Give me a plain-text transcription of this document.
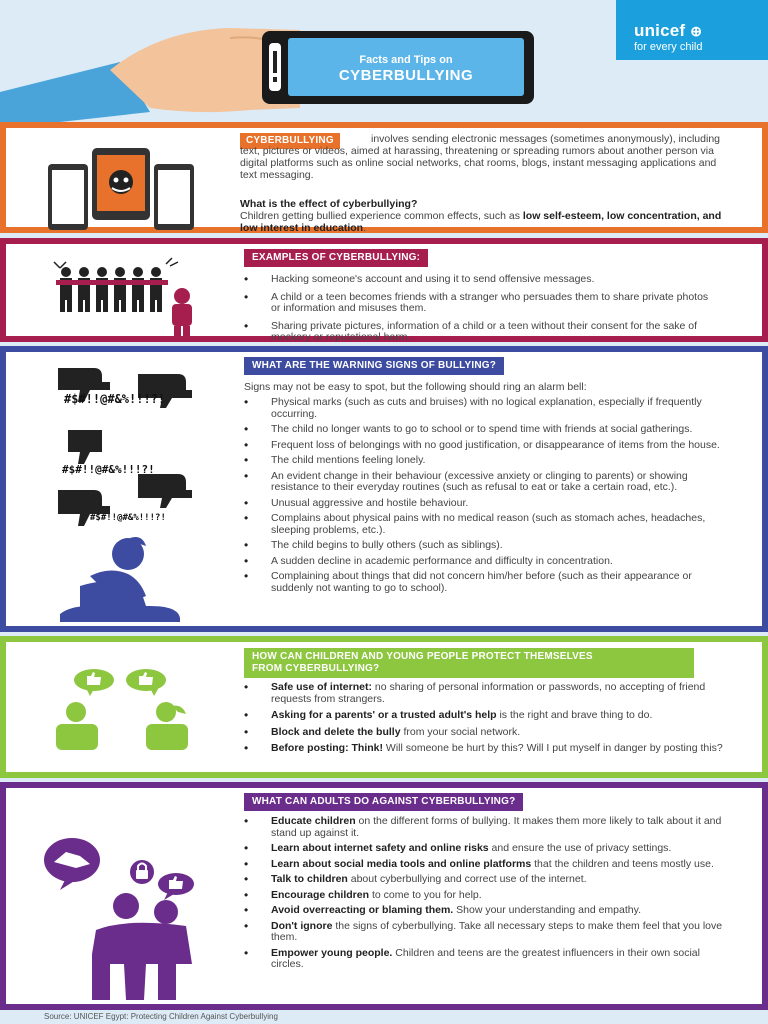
Facts and Tips on
CYBERBULLYING
unicef ⊕
for every child
CYBERBULLYING	involves sending electronic messages (sometimes anonymously), including text, pictures or videos, aimed at harassing, threatening or spreading rumors about another person via digital platforms such as online social networks, chat rooms, blogs, instant messaging applications and text messaging.
What is the effect of cyberbullying?
Children getting bullied experience common effects, such as low self-esteem, low concentration, and low interest in education.
EXAMPLES OF CYBERBULLYING:
• Hacking someone's account and using it to send offensive messages.
• A child or a teen becomes friends with a stranger who persuades them to share private photos or information and misuses them.
• Sharing private pictures, information of a child or a teen without their consent for the sake of mockery or reputational harm.
#$#!!@#&%!!!?!
#$#!!@#&%!!!?!
#$#!!@#&%!!!?!
WHAT ARE THE WARNING SIGNS OF BULLYING?
Signs may not be easy to spot, but the following should ring an alarm bell:
• Physical marks (such as cuts and bruises) with no logical explanation, especially if frequently occurring.
• The child no longer wants to go to school or to spend time with friends at social gatherings.
• Frequent loss of belongings with no good justification, or disappearance of items from the house.
• The child mentions feeling lonely.
• An evident change in their behaviour (excessive anxiety or clinging to parents) or showing resistance to their everyday routines (such as refusal to eat or take a certain road, etc.).
• Unusual aggressive and hostile behaviour.
• Complains about physical pains with no medical reason (such as stomach aches, headaches, sleeping problems, etc.).
• The child begins to bully others (such as siblings).
• A sudden decline in academic performance and difficulty in concentration.
• Complaining about things that did not concern him/her before (such as their appearance or suddenly not wanting to go to school).
HOW CAN CHILDREN AND YOUNG PEOPLE PROTECT THEMSELVES
FROM CYBERBULLYING?
• Safe use of internet: no sharing of personal information or passwords, no accepting of friend requests from strangers.
• Asking for a parents' or a trusted adult's help is the right and brave thing to do.
• Block and delete the bully from your social network.
• Before posting: Think! Will someone be hurt by this? Will I put myself in danger by posting this?
WHAT CAN ADULTS DO AGAINST CYBERBULLYING?
• Educate children on the different forms of bullying. It makes them more likely to talk about it and stand up against it.
• Learn about internet safety and online risks and ensure the use of privacy settings.
• Learn about social media tools and online platforms that the children and teens mostly use.
• Talk to children about cyberbullying and correct use of the internet.
• Encourage children to come to you for help.
• Avoid overreacting or blaming them. Show your understanding and empathy.
• Don't ignore the signs of cyberbullying. Take all necessary steps to make them feel that you love them.
• Empower young people. Children and teens are the greatest influencers in their own social circles.
Source: UNICEF Egypt: Protecting Children Against Cyberbullying
